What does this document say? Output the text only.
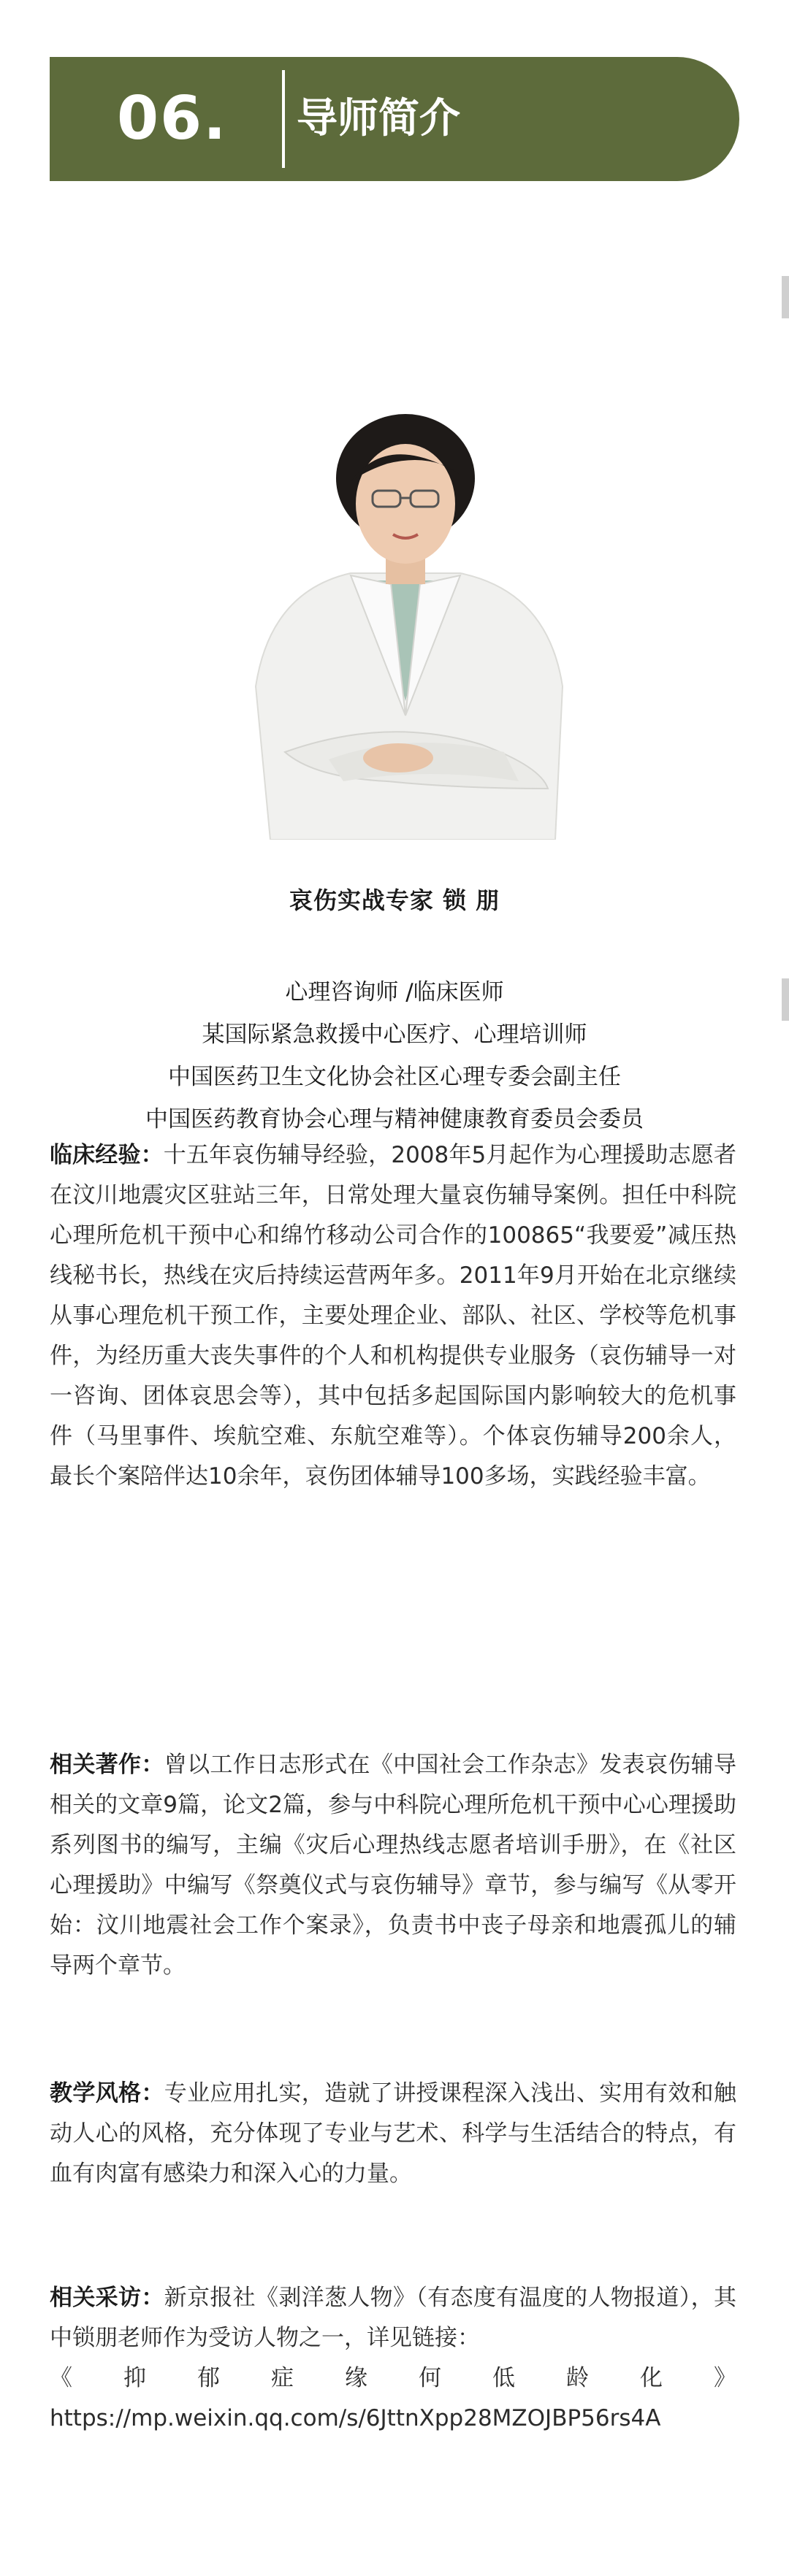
06. 导师简介
哀伤实战专家 锁 朋
心理咨询师 /临床医师
某国际紧急救援中心医疗、心理培训师
中国医药卫生文化协会社区心理专委会副主任
中国医药教育协会心理与精神健康教育委员会委员
临床经验：十五年哀伤辅导经验，2008年5月起作为心理援助志愿者在汶川地震灾区驻站三年，日常处理大量哀伤辅导案例。担任中科院心理所危机干预中心和绵竹移动公司合作的100865“我要爱”减压热线秘书长，热线在灾后持续运营两年多。2011年9月开始在北京继续从事心理危机干预工作，主要处理企业、部队、社区、学校等危机事件，为经历重大丧失事件的个人和机构提供专业服务（哀伤辅导一对一咨询、团体哀思会等），其中包括多起国际国内影响较大的危机事件（马里事件、埃航空难、东航空难等）。个体哀伤辅导200余人，最长个案陪伴达10余年，哀伤团体辅导100多场，实践经验丰富。
相关著作：曾以工作日志形式在《中国社会工作杂志》发表哀伤辅导相关的文章9篇，论文2篇，参与中科院心理所危机干预中心心理援助系列图书的编写，主编《灾后心理热线志愿者培训手册》，在《社区心理援助》中编写《祭奠仪式与哀伤辅导》章节，参与编写《从零开始：汶川地震社会工作个案录》，负责书中丧子母亲和地震孤儿的辅导两个章节。
教学风格：专业应用扎实，造就了讲授课程深入浅出、实用有效和触动人心的风格，充分体现了专业与艺术、科学与生活结合的特点，有血有肉富有感染力和深入心的力量。
相关采访：新京报社《剥洋葱人物》（有态度有温度的人物报道），其中锁朋老师作为受访人物之一，详见链接：
《 抑 郁 症 缘 何 低 龄 化 》
https://mp.weixin.qq.com/s/6JttnXpp28MZOJBP56rs4A
